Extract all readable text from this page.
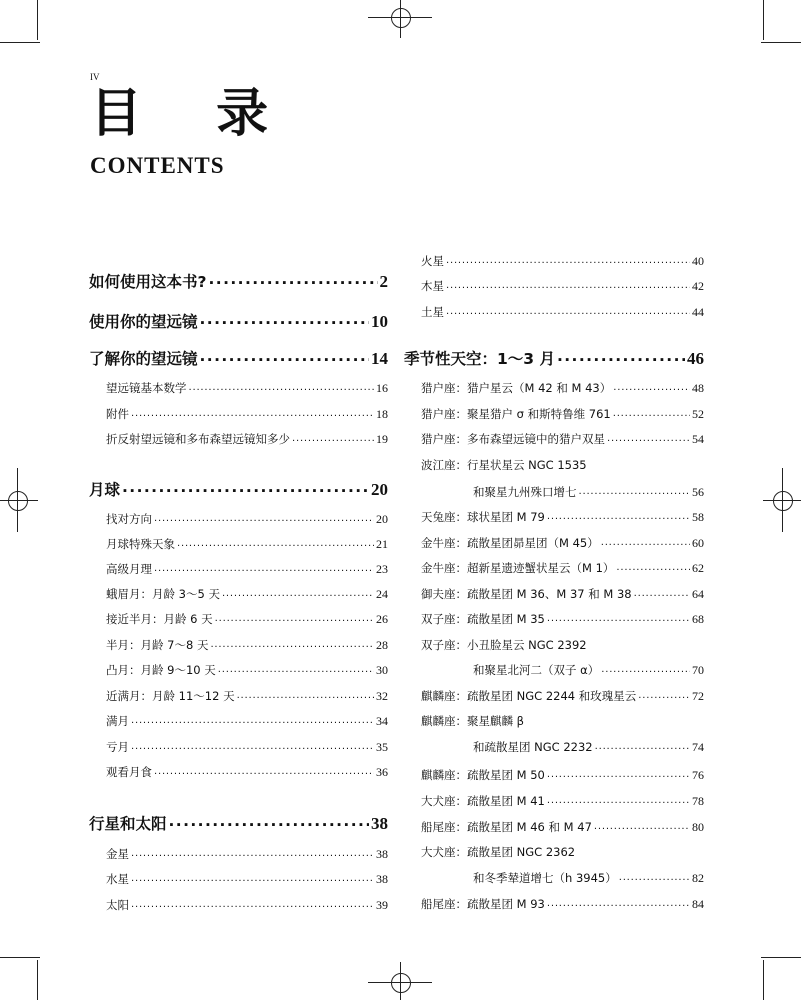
IV
目 录
CONTENTS
如何使用这本书? ·····	2
使用你的望远镜 ·····	10
了解你的望远镜 ·····	14
望远镜基本数学 ·····	16
附件 ·····	18
折反射望远镜和多布森望远镜知多少 ·····	19
月球 ·····	20
找对方向 ·····	20
月球特殊天象 ·····	21
高级月理 ·····	23
蛾眉月：月龄 3～5 天 ·····	24
接近半月：月龄 6 天 ·····	26
半月：月龄 7～8 天 ·····	28
凸月：月龄 9～10 天 ·····	30
近满月：月龄 11～12 天 ·····	32
满月 ·····	34
亏月 ·····	35
观看月食 ·····	36
行星和太阳 ·····	38
金星 ·····	38
水星 ·····	38
太阳 ·····	39
火星 ·····	40
木星 ·····	42
土星 ·····	44
季节性天空：1～3 月 ·····	46
猎户座：猎户星云（M 42 和 M 43） ·····	48
猎户座：聚星猎户 σ 和斯特鲁维 761 ·····	52
猎户座：多布森望远镜中的猎户双星 ·····	54
波江座：行星状星云 NGC 1535
和聚星九州殊口增七 ·····	56
天兔座：球状星团 M 79 ·····	58
金牛座：疏散星团昴星团（M 45） ·····	60
金牛座：超新星遗迹蟹状星云（M 1） ·····	62
御夫座：疏散星团 M 36、M 37 和 M 38 ·····	64
双子座：疏散星团 M 35 ·····	68
双子座：小丑脸星云 NGC 2392
和聚星北河二（双子 α） ·····	70
麒麟座：疏散星团 NGC 2244 和玫瑰星云 ·····	72
麒麟座：聚星麒麟 β
和疏散星团 NGC 2232 ·····	74
麒麟座：疏散星团 M 50 ·····	76
大犬座：疏散星团 M 41 ·····	78
船尾座：疏散星团 M 46 和 M 47 ·····	80
大犬座：疏散星团 NGC 2362
和冬季辇道增七（h 3945） ·····	82
船尾座：疏散星团 M 93 ·····	84
